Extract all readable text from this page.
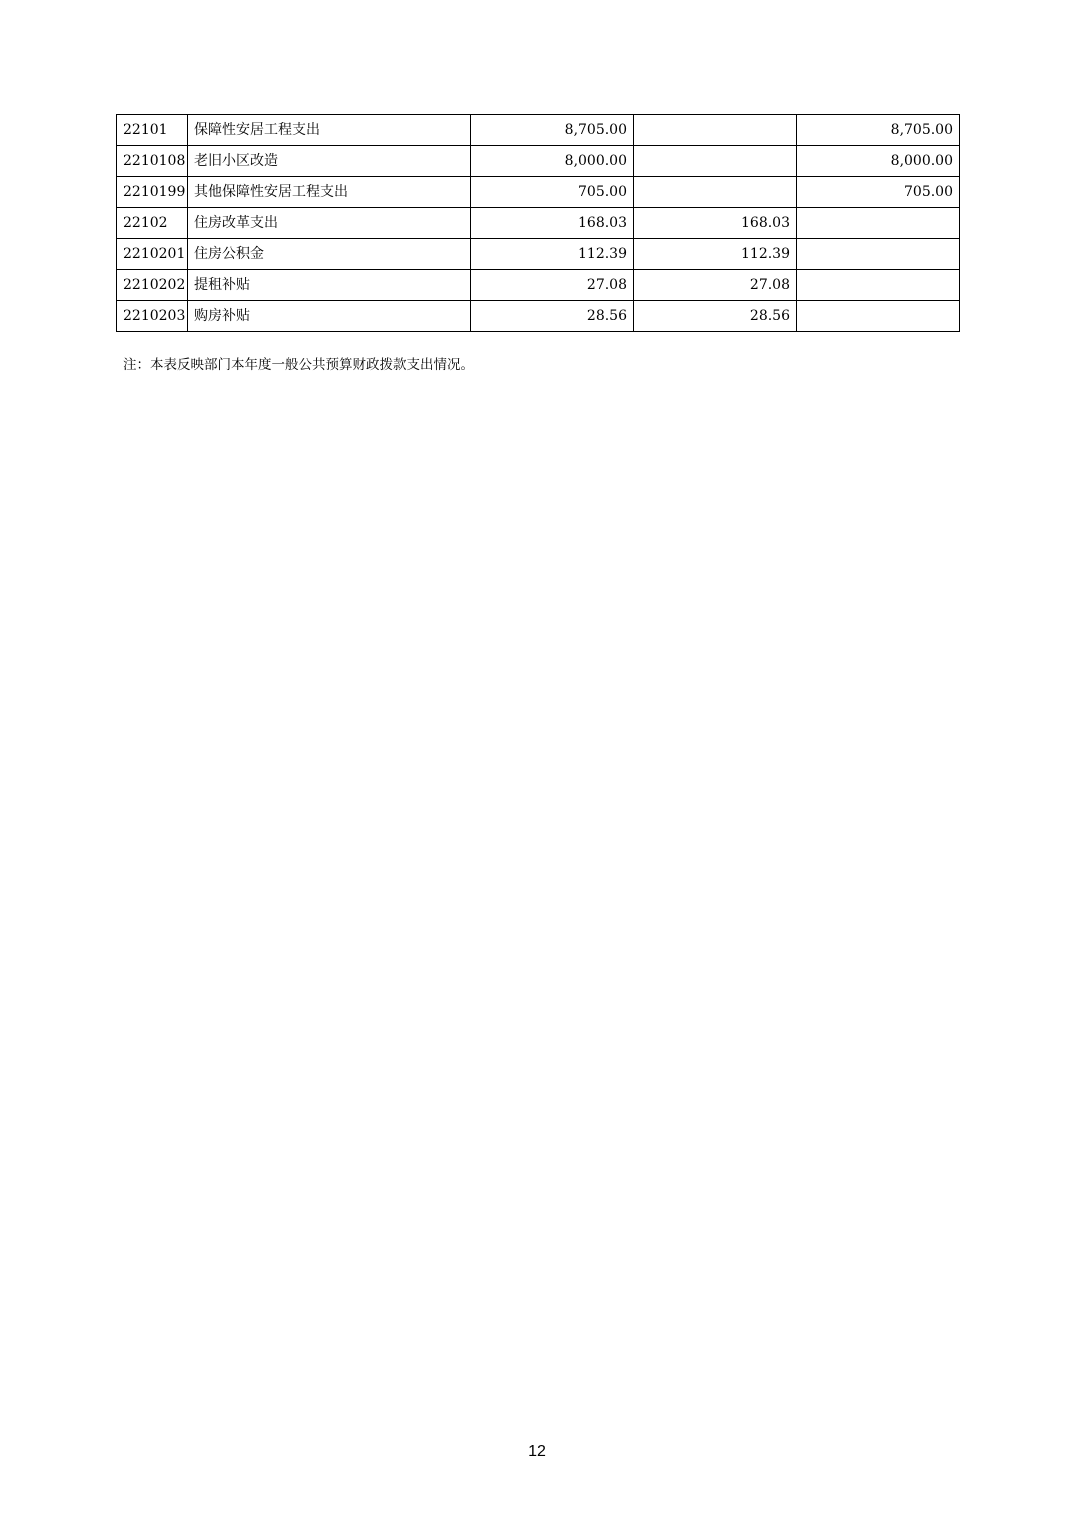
22101	保障性安居工程支出	8,705.00		8,705.00
2210108	老旧小区改造	8,000.00		8,000.00
2210199	其他保障性安居工程支出	705.00		705.00
22102	住房改革支出	168.03	168.03	
2210201	住房公积金	112.39	112.39	
2210202	提租补贴	27.08	27.08	
2210203	购房补贴	28.56	28.56	
注：本表反映部门本年度一般公共预算财政拨款支出情况。
12
